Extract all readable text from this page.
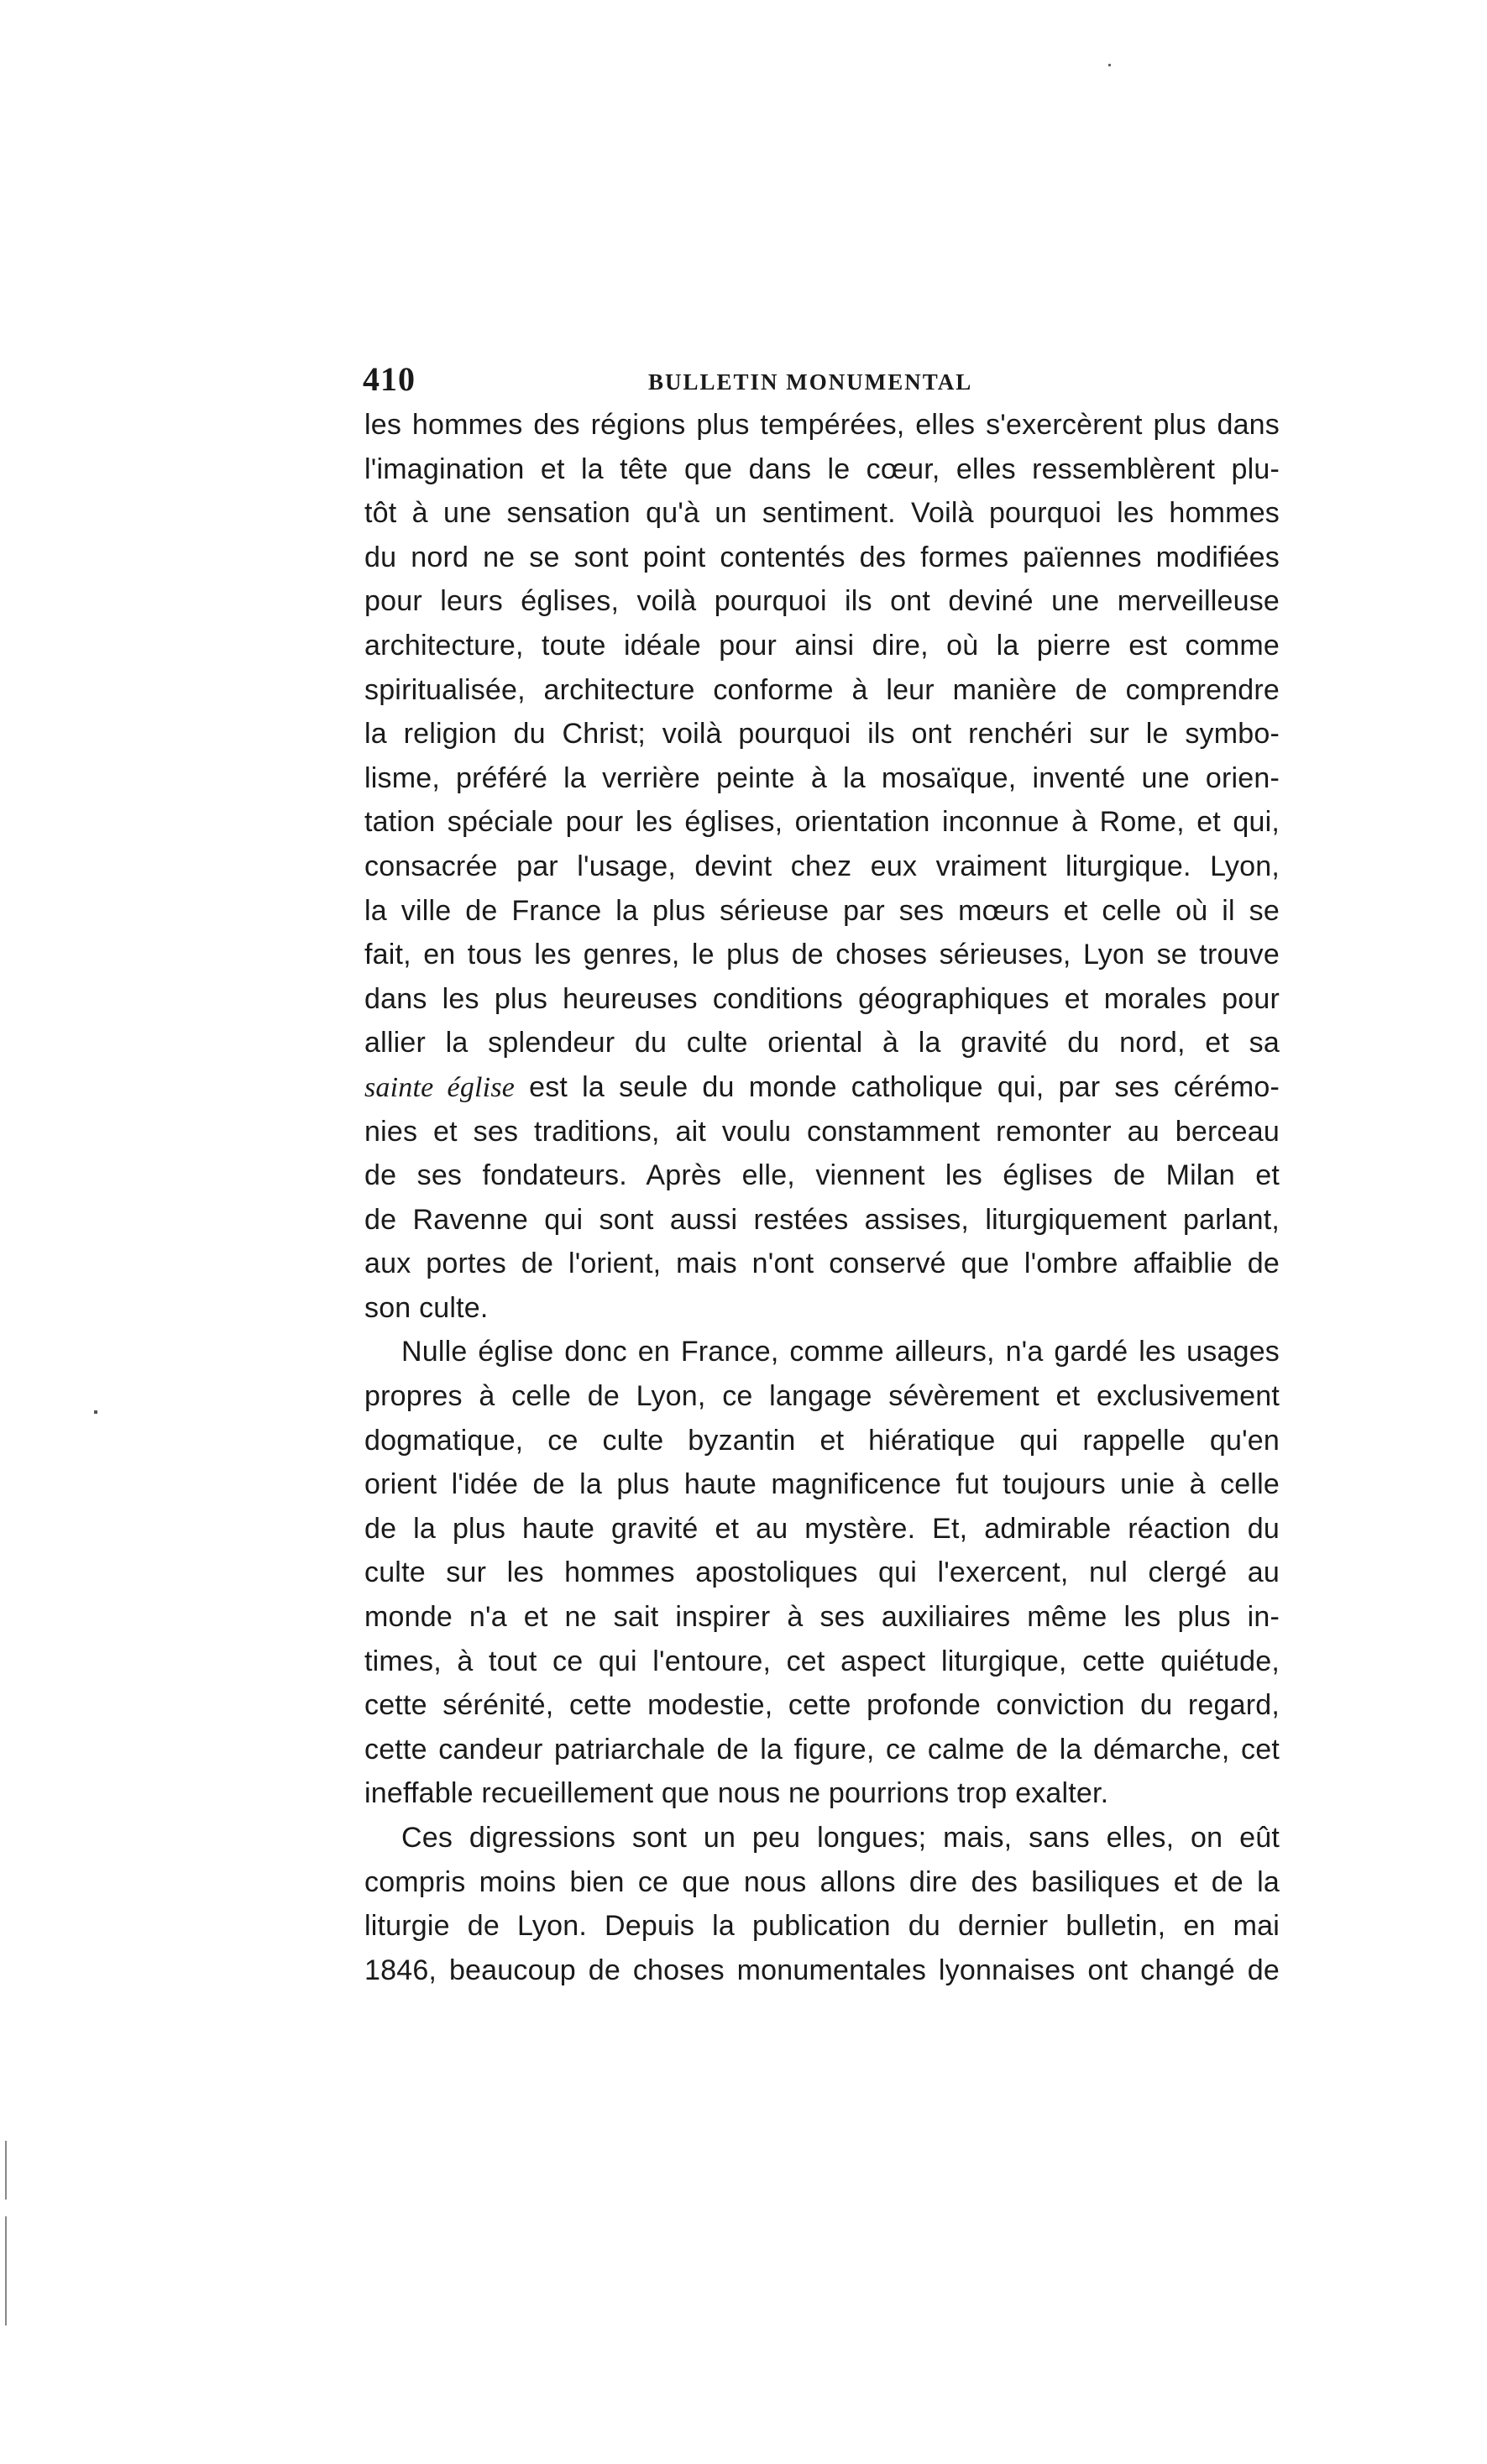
410	BULLETIN MONUMENTAL
les hommes des régions plus tempérées, elles s'exercèrent plus dans
l'imagination et la tête que dans le cœur, elles ressemblèrent plu-
tôt à une sensation qu'à un sentiment. Voilà pourquoi les hommes
du nord ne se sont point contentés des formes païennes modifiées
pour leurs églises, voilà pourquoi ils ont deviné une merveilleuse
architecture, toute idéale pour ainsi dire, où la pierre est comme
spiritualisée, architecture conforme à leur manière de comprendre
la religion du Christ; voilà pourquoi ils ont renchéri sur le symbo-
lisme, préféré la verrière peinte à la mosaïque, inventé une orien-
tation spéciale pour les églises, orientation inconnue à Rome, et qui,
consacrée par l'usage, devint chez eux vraiment liturgique. Lyon,
la ville de France la plus sérieuse par ses mœurs et celle où il se
fait, en tous les genres, le plus de choses sérieuses, Lyon se trouve
dans les plus heureuses conditions géographiques et morales pour
allier la splendeur du culte oriental à la gravité du nord, et sa
sainte église est la seule du monde catholique qui, par ses cérémo-
nies et ses traditions, ait voulu constamment remonter au berceau
de ses fondateurs. Après elle, viennent les églises de Milan et
de Ravenne qui sont aussi restées assises, liturgiquement parlant,
aux portes de l'orient, mais n'ont conservé que l'ombre affaiblie de
son culte.
Nulle église donc en France, comme ailleurs, n'a gardé les usages
propres à celle de Lyon, ce langage sévèrement et exclusivement
dogmatique, ce culte byzantin et hiératique qui rappelle qu'en
orient l'idée de la plus haute magnificence fut toujours unie à celle
de la plus haute gravité et au mystère. Et, admirable réaction du
culte sur les hommes apostoliques qui l'exercent, nul clergé au
monde n'a et ne sait inspirer à ses auxiliaires même les plus in-
times, à tout ce qui l'entoure, cet aspect liturgique, cette quiétude,
cette sérénité, cette modestie, cette profonde conviction du regard,
cette candeur patriarchale de la figure, ce calme de la démarche, cet
ineffable recueillement que nous ne pourrions trop exalter.
Ces digressions sont un peu longues; mais, sans elles, on eût
compris moins bien ce que nous allons dire des basiliques et de la
liturgie de Lyon. Depuis la publication du dernier bulletin, en mai
1846, beaucoup de choses monumentales lyonnaises ont changé de
